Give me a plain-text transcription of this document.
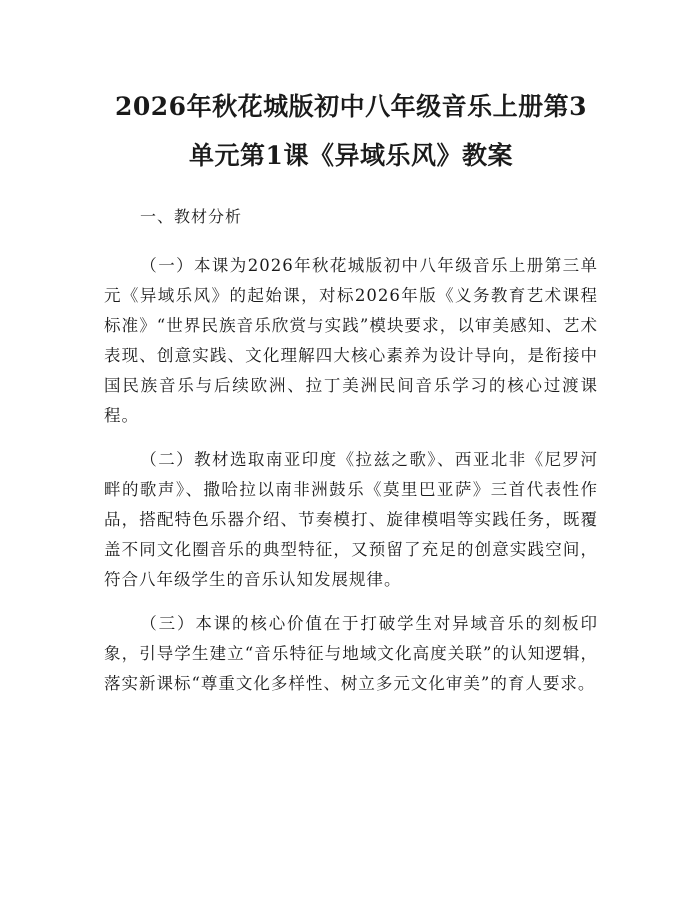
2026年秋花城版初中八年级音乐上册第3单元第1课《异域乐风》教案
一、教材分析

（一）本课为2026年秋花城版初中八年级音乐上册第三单元《异域乐风》的起始课，对标2026年版《义务教育艺术课程标准》“世界民族音乐欣赏与实践”模块要求，以审美感知、艺术表现、创意实践、文化理解四大核心素养为设计导向，是衔接中国民族音乐与后续欧洲、拉丁美洲民间音乐学习的核心过渡课程。

（二）教材选取南亚印度《拉兹之歌》、西亚北非《尼罗河畔的歌声》、撒哈拉以南非洲鼓乐《莫里巴亚萨》三首代表性作品，搭配特色乐器介绍、节奏模打、旋律模唱等实践任务，既覆盖不同文化圈音乐的典型特征，又预留了充足的创意实践空间，符合八年级学生的音乐认知发展规律。

（三）本课的核心价值在于打破学生对异域音乐的刻板印象，引导学生建立“音乐特征与地域文化高度关联”的认知逻辑，落实新课标“尊重文化多样性、树立多元文化审美”的育人要求。
